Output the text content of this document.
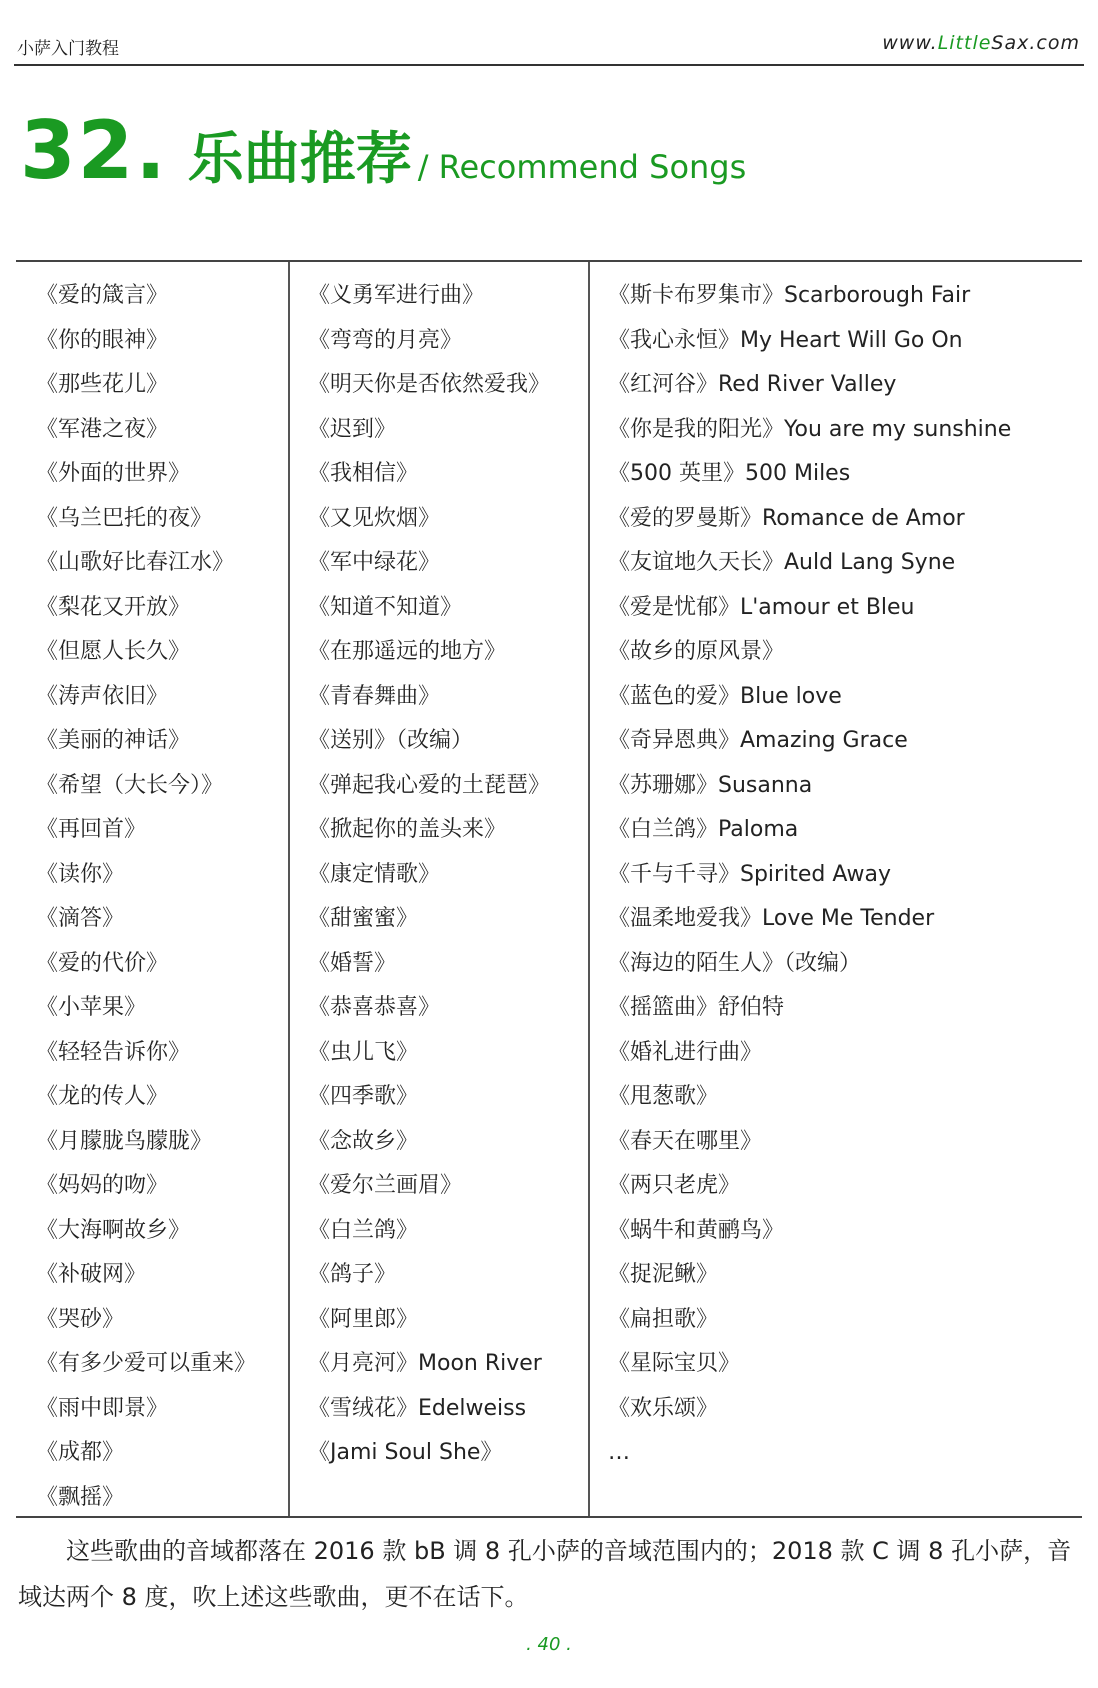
小萨入门教程	www.LittleSax.com
32. 乐曲推荐 / Recommend Songs
《爱的箴言》
《你的眼神》
《那些花儿》
《军港之夜》
《外面的世界》
《乌兰巴托的夜》
《山歌好比春江水》
《梨花又开放》
《但愿人长久》
《涛声依旧》
《美丽的神话》
《希望（大长今）》
《再回首》
《读你》
《滴答》
《爱的代价》
《小苹果》
《轻轻告诉你》
《龙的传人》
《月朦胧鸟朦胧》
《妈妈的吻》
《大海啊故乡》
《补破网》
《哭砂》
《有多少爱可以重来》
《雨中即景》
《成都》
《飘摇》
《义勇军进行曲》
《弯弯的月亮》
《明天你是否依然爱我》
《迟到》
《我相信》
《又见炊烟》
《军中绿花》
《知道不知道》
《在那遥远的地方》
《青春舞曲》
《送别》（改编）
《弹起我心爱的土琵琶》
《掀起你的盖头来》
《康定情歌》
《甜蜜蜜》
《婚誓》
《恭喜恭喜》
《虫儿飞》
《四季歌》
《念故乡》
《爱尔兰画眉》
《白兰鸽》
《鸽子》
《阿里郎》
《月亮河》Moon River
《雪绒花》Edelweiss
《Jami Soul She》
《斯卡布罗集市》Scarborough Fair
《我心永恒》My Heart Will Go On
《红河谷》Red River Valley
《你是我的阳光》You are my sunshine
《500 英里》500 Miles
《爱的罗曼斯》Romance de Amor
《友谊地久天长》Auld Lang Syne
《爱是忧郁》L'amour et Bleu
《故乡的原风景》
《蓝色的爱》Blue love
《奇异恩典》Amazing Grace
《苏珊娜》Susanna
《白兰鸽》Paloma
《千与千寻》Spirited Away
《温柔地爱我》Love Me Tender
《海边的陌生人》（改编）
《摇篮曲》舒伯特
《婚礼进行曲》
《甩葱歌》
《春天在哪里》
《两只老虎》
《蜗牛和黄鹂鸟》
《捉泥鳅》
《扁担歌》
《星际宝贝》
《欢乐颂》
…
这些歌曲的音域都落在 2016 款 bB 调 8 孔小萨的音域范围内的；2018 款 C 调 8 孔小萨，音
域达两个 8 度，吹上述这些歌曲，更不在话下。
. 40 .
